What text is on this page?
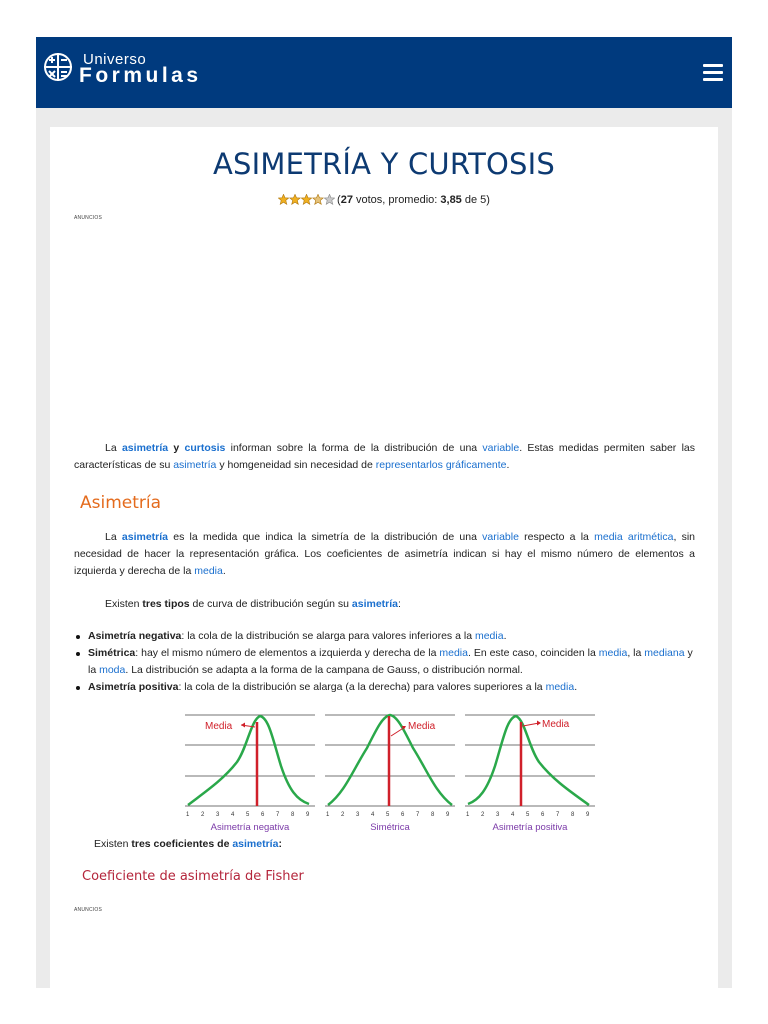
Universo
Formulas
ASIMETRÍA Y CURTOSIS
(27 votos, promedio: 3,85 de 5)
ANUNCIOS
La asimetría y curtosis informan sobre la forma de la distribución de una variable. Estas medidas permiten saber las características de su asimetría y homgeneidad sin necesidad de representarlos gráficamente.
Asimetría
La asimetría es la medida que indica la simetría de la distribución de una variable respecto a la media aritmética, sin necesidad de hacer la representación gráfica. Los coeficientes de asimetría indican si hay el mismo número de elementos a izquierda y derecha de la media.
Existen tres tipos de curva de distribución según su asimetría:
Asimetría negativa: la cola de la distribución se alarga para valores inferiores a la media.
Simétrica: hay el mismo número de elementos a izquierda y derecha de la media. En este caso, coinciden la media, la mediana y la moda. La distribución se adapta a la forma de la campana de Gauss, o distribución normal.
Asimetría positiva: la cola de la distribución se alarga (a la derecha) para valores superiores a la media.
Media
1 2 3 4 5 6 7 8 9
Asimetría negativa
Media
1 2 3 4 5 6 7 8 9
Simétrica
Media
1 2 3 4 5 6 7 8 9
Asimetría positiva
Existen tres coeficientes de asimetría:
Coeficiente de asimetría de Fisher
ANUNCIOS
